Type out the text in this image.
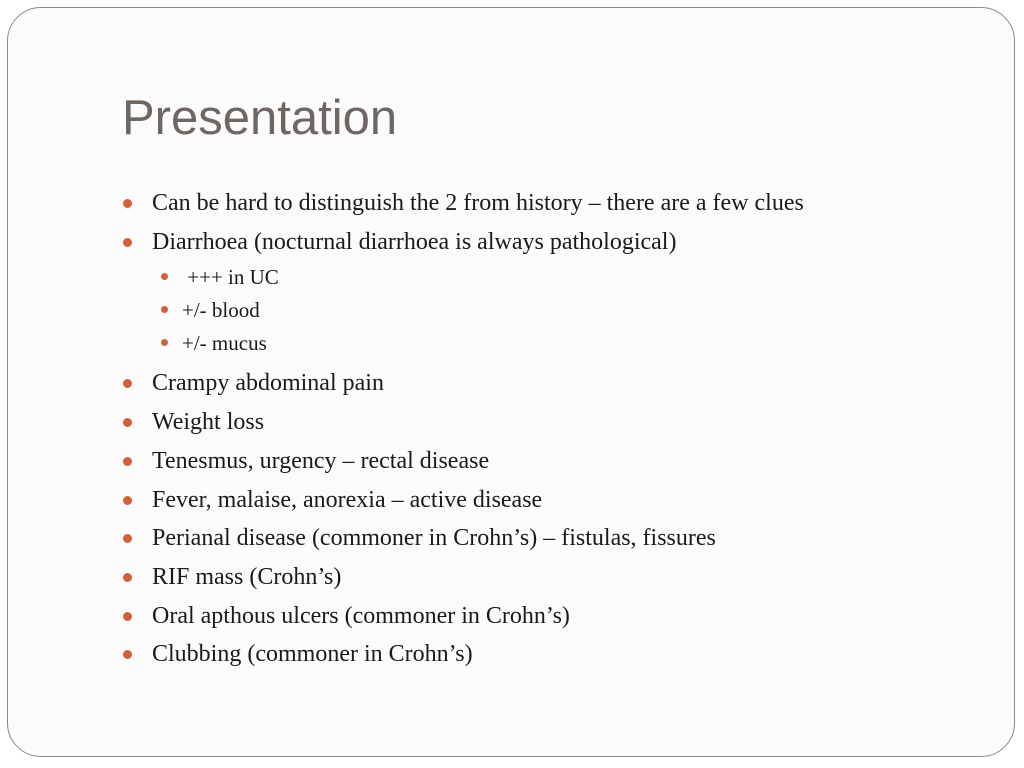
Presentation
Can be hard to distinguish the 2 from history – there are a few clues
Diarrhoea (nocturnal diarrhoea is always pathological)
+++ in UC
+/- blood
+/- mucus
Crampy abdominal pain
Weight loss
Tenesmus, urgency – rectal disease
Fever, malaise, anorexia – active disease
Perianal disease (commoner in Crohn’s) – fistulas, fissures
RIF mass (Crohn’s)
Oral apthous ulcers (commoner in Crohn’s)
Clubbing (commoner in Crohn’s)
